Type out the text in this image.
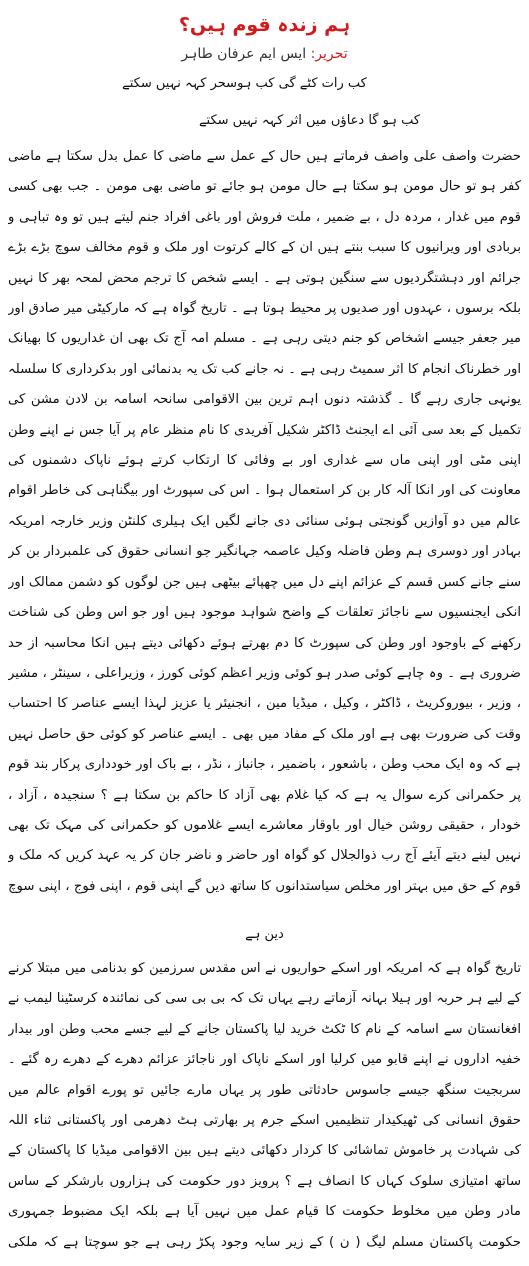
ہم زندہ قوم ہیں؟
تحریر: ایس ایم عرفان طاہر

کب رات کٹے گی کب ہوسحر کہہ نہیں سکتے

کب ہو گا دعاؤں میں اثر کہہ نہیں سکتے

حضرت واصف علی واصف فرماتے ہیں حال کے عمل سے ماضی کا عمل بدل سکتا ہے ماضی کفر ہو تو حال مومن ہو سکتا ہے حال مومن ہو جائے تو ماضی بھی مومن ۔ جب بھی کسی قوم میں غدار ، مردہ دل ، بے ضمیر ، ملت فروش اور باغی افراد جنم لیتے ہیں تو وہ تباہی و بربادی اور ویرانیوں کا سبب بنتے ہیں ان کے کالے کرتوت اور ملک و قوم مخالف سوچ بڑے بڑے جرائم اور دہشتگردیوں سے سنگین ہوتی ہے ۔ ایسے شخص کا ترجم محض لمحہ بھر کا نہیں بلکہ برسوں ، عہدوں اور صدیوں پر محیط ہوتا ہے ۔ تاریخ گواہ ہے کہ مارکیٹی میر صادق اور میر جعفر جیسے اشخاص کو جنم دیتی رہی ہے ۔ مسلم امہ آج تک بھی ان غداریوں کا بھیانک اور خطرناک انجام کا اثر سمیٹ رہی ہے ۔ نہ جانے کب تک یہ بدنمائی اور بدکرداری کا سلسلہ یونہی جاری رہے گا ۔ گذشتہ دنوں اہم ترین بین الاقوامی سانحہ اسامہ بن لادن مشن کی تکمیل کے بعد سی آئی اے ایجنٹ ڈاکٹر شکیل آفریدی کا نام منظر عام پر آیا جس نے اپنے وطن اپنی مٹی اور اپنی ماں سے غداری اور بے وفائی کا ارتکاب کرتے ہوئے ناپاک دشمنوں کی معاونت کی اور انکا آلہ کار بن کر استعمال ہوا ۔ اس کی سپورٹ اور بیگناہی کی خاطر اقوام عالم میں دو آوازیں گونجتی ہوئی سنائی دی جانے لگیں ایک ہیلری کلنٹن وزیر خارجہ امریکہ بہادر اور دوسری ہم وطن فاضلہ وکیل عاصمہ جہانگیر جو انسانی حقوق کی علمبردار بن کر سنے جانے کسں قسم کے عزائم اپنے دل میں چھپائے بیٹھی ہیں جن لوگوں کو دشمن ممالک اور انکی ایجنسیوں سے ناجائز تعلقات کے واضح شواہد موجود ہیں اور جو اس وطن کی شناخت رکھنے کے باوجود اور وطن کی سپورٹ کا دم بھرتے ہوئے دکھائی دیتے ہیں انکا محاسبہ از حد ضروری ہے ۔ وہ چاہے کوئی صدر ہو کوئی وزیر اعظم کوئی کورز ، وزیراعلی ، سینٹر ، مشیر ، وزیر ، بیوروکریٹ ، ڈاکٹر ، وکیل ، میڈیا مین ، انجنیئر یا عزیز لہذا ایسے عناصر کا احتساب وقت کی ضرورت بھی ہے اور ملک کے مفاد میں بھی ۔ ایسے عناصر کو کوئی حق حاصل نہیں ہے کہ وہ ایک محب وطن ، باشعور ، باضمیر ، جانباز ، نڈر ، بے باک اور خودداری پرکار بند قوم پر حکمرانی کرے سوال یہ ہے کہ کیا غلام بھی آزاد کا حاکم بن سکتا ہے ؟ سنجیدہ ، آزاد ، خودار ، حقیقی روشن خیال اور باوقار معاشرے ایسے غلاموں کو حکمرانی کی مہک تک بھی نہیں لینے دیتے آیئے آج رب ذوالجلال کو گواہ اور حاضر و ناضر جان کر یہ عہد کریں کہ ملک و قوم کے حق میں بہتر اور مخلص سیاستدانوں کا ساتھ دیں گے اپنی قوم ، اپنی فوج ، اپنی سوچ
دین ہے
تاریخ گواہ ہے کہ امریکہ اور اسکے حواریوں نے اس مقدس سرزمین کو بدنامی میں مبتلا کرنے کے لیے ہر حربہ اور ہیلا بہانہ آزماتے رہے یہاں تک کہ بی بی سی کی نمائندہ کرسٹینا لیمب نے افغانستان سے اسامہ کے نام کا ٹکٹ خرید لیا پاکستان جانے کے لیے جسے محب وطن اور بیدار خفیہ اداروں نے اپنے قابو میں کرلیا اور اسکے ناپاک اور ناجائز عزائم دھرے کے دھرے رہ گئے ۔ سربجیت سنگھ جیسے جاسوس حادثاتی طور پر یہاں مارے جائیں تو پورے اقوام عالم میں حقوق انسانی کی ٹھیکیدار تنظیمیں اسکے جرم پر بھارتی ہٹ دھرمی اور پاکستانی ثناء اللہ کی شہادت پر خاموش تماشائی کا کردار دکھائی دیتے ہیں بین الاقوامی میڈیا کا پاکستان کے ساتھ امتیازی سلوک کہاں کا انصاف ہے ؟ پرویز دور حکومت کی ہزاروں بارشکر کے ساس مادر وطن میں مخلوط حکومت کا قیام عمل میں نہیں آیا ہے بلکہ ایک مضبوط جمہوری حکومت پاکستان مسلم لیگ ( ن ) کے زیر سایہ وجود پکڑ رہی ہے جو سوچتا ہے کہ ملکی
